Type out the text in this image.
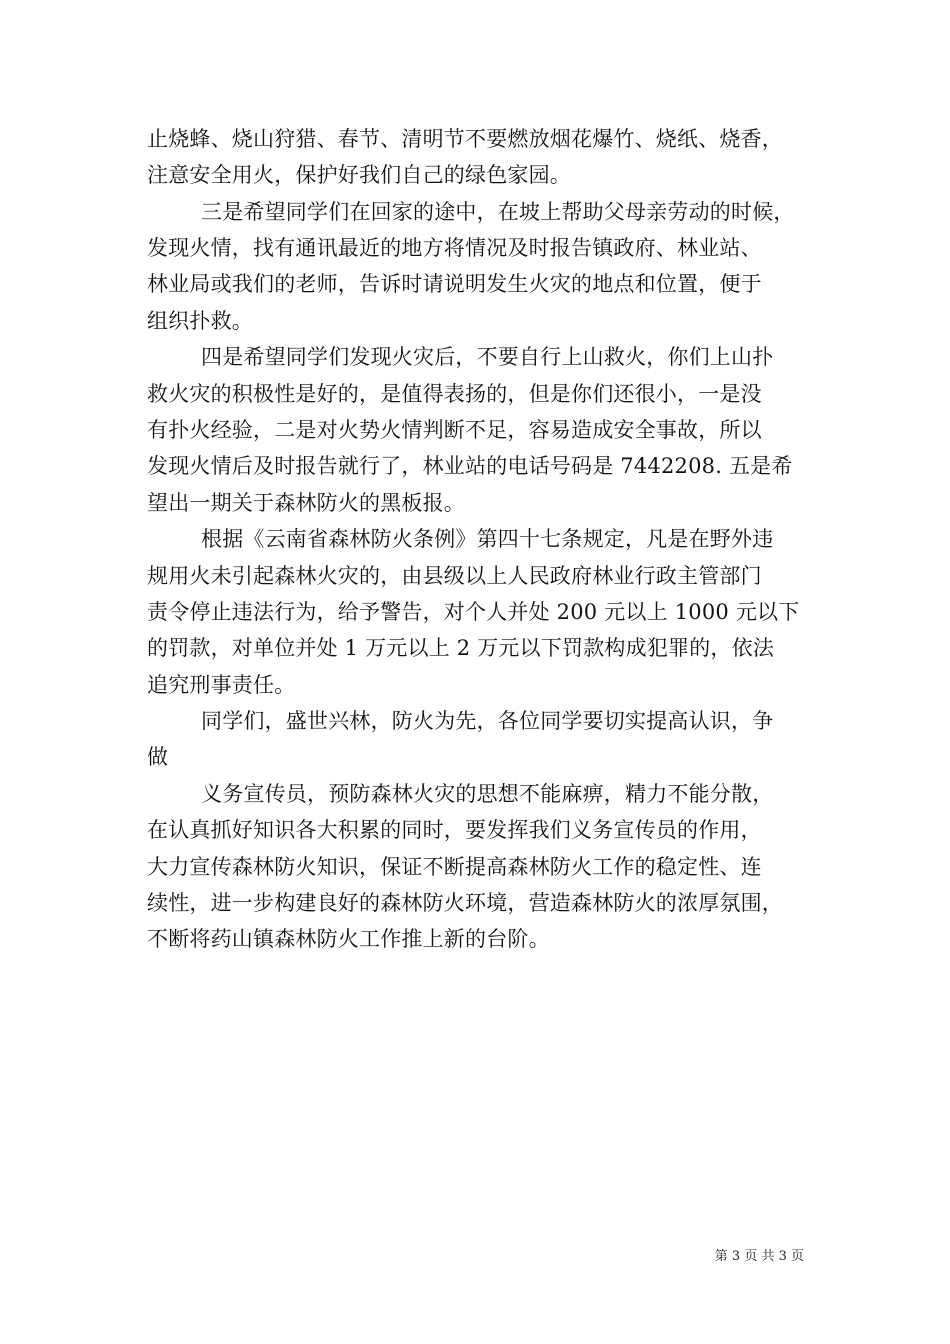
止烧蜂、烧山狩猎、春节、清明节不要燃放烟花爆竹、烧纸、烧香，
注意安全用火，保护好我们自己的绿色家园。
三是希望同学们在回家的途中，在坡上帮助父母亲劳动的时候，
发现火情，找有通讯最近的地方将情况及时报告镇政府、林业站、
林业局或我们的老师，告诉时请说明发生火灾的地点和位置，便于
组织扑救。
四是希望同学们发现火灾后，不要自行上山救火，你们上山扑
救火灾的积极性是好的，是值得表扬的，但是你们还很小，一是没
有扑火经验，二是对火势火情判断不足，容易造成安全事故，所以
发现火情后及时报告就行了，林业站的电话号码是 7442208. 五是希
望出一期关于森林防火的黑板报。
根据《云南省森林防火条例》第四十七条规定，凡是在野外违
规用火未引起森林火灾的，由县级以上人民政府林业行政主管部门
责令停止违法行为，给予警告，对个人并处 200 元以上 1000 元以下
的罚款，对单位并处 1 万元以上 2 万元以下罚款构成犯罪的，依法
追究刑事责任。
同学们，盛世兴林，防火为先，各位同学要切实提高认识，争
做
义务宣传员，预防森林火灾的思想不能麻痹，精力不能分散，
在认真抓好知识各大积累的同时，要发挥我们义务宣传员的作用，
大力宣传森林防火知识，保证不断提高森林防火工作的稳定性、连
续性，进一步构建良好的森林防火环境，营造森林防火的浓厚氛围，
不断将药山镇森林防火工作推上新的台阶。
第 3 页 共 3 页
